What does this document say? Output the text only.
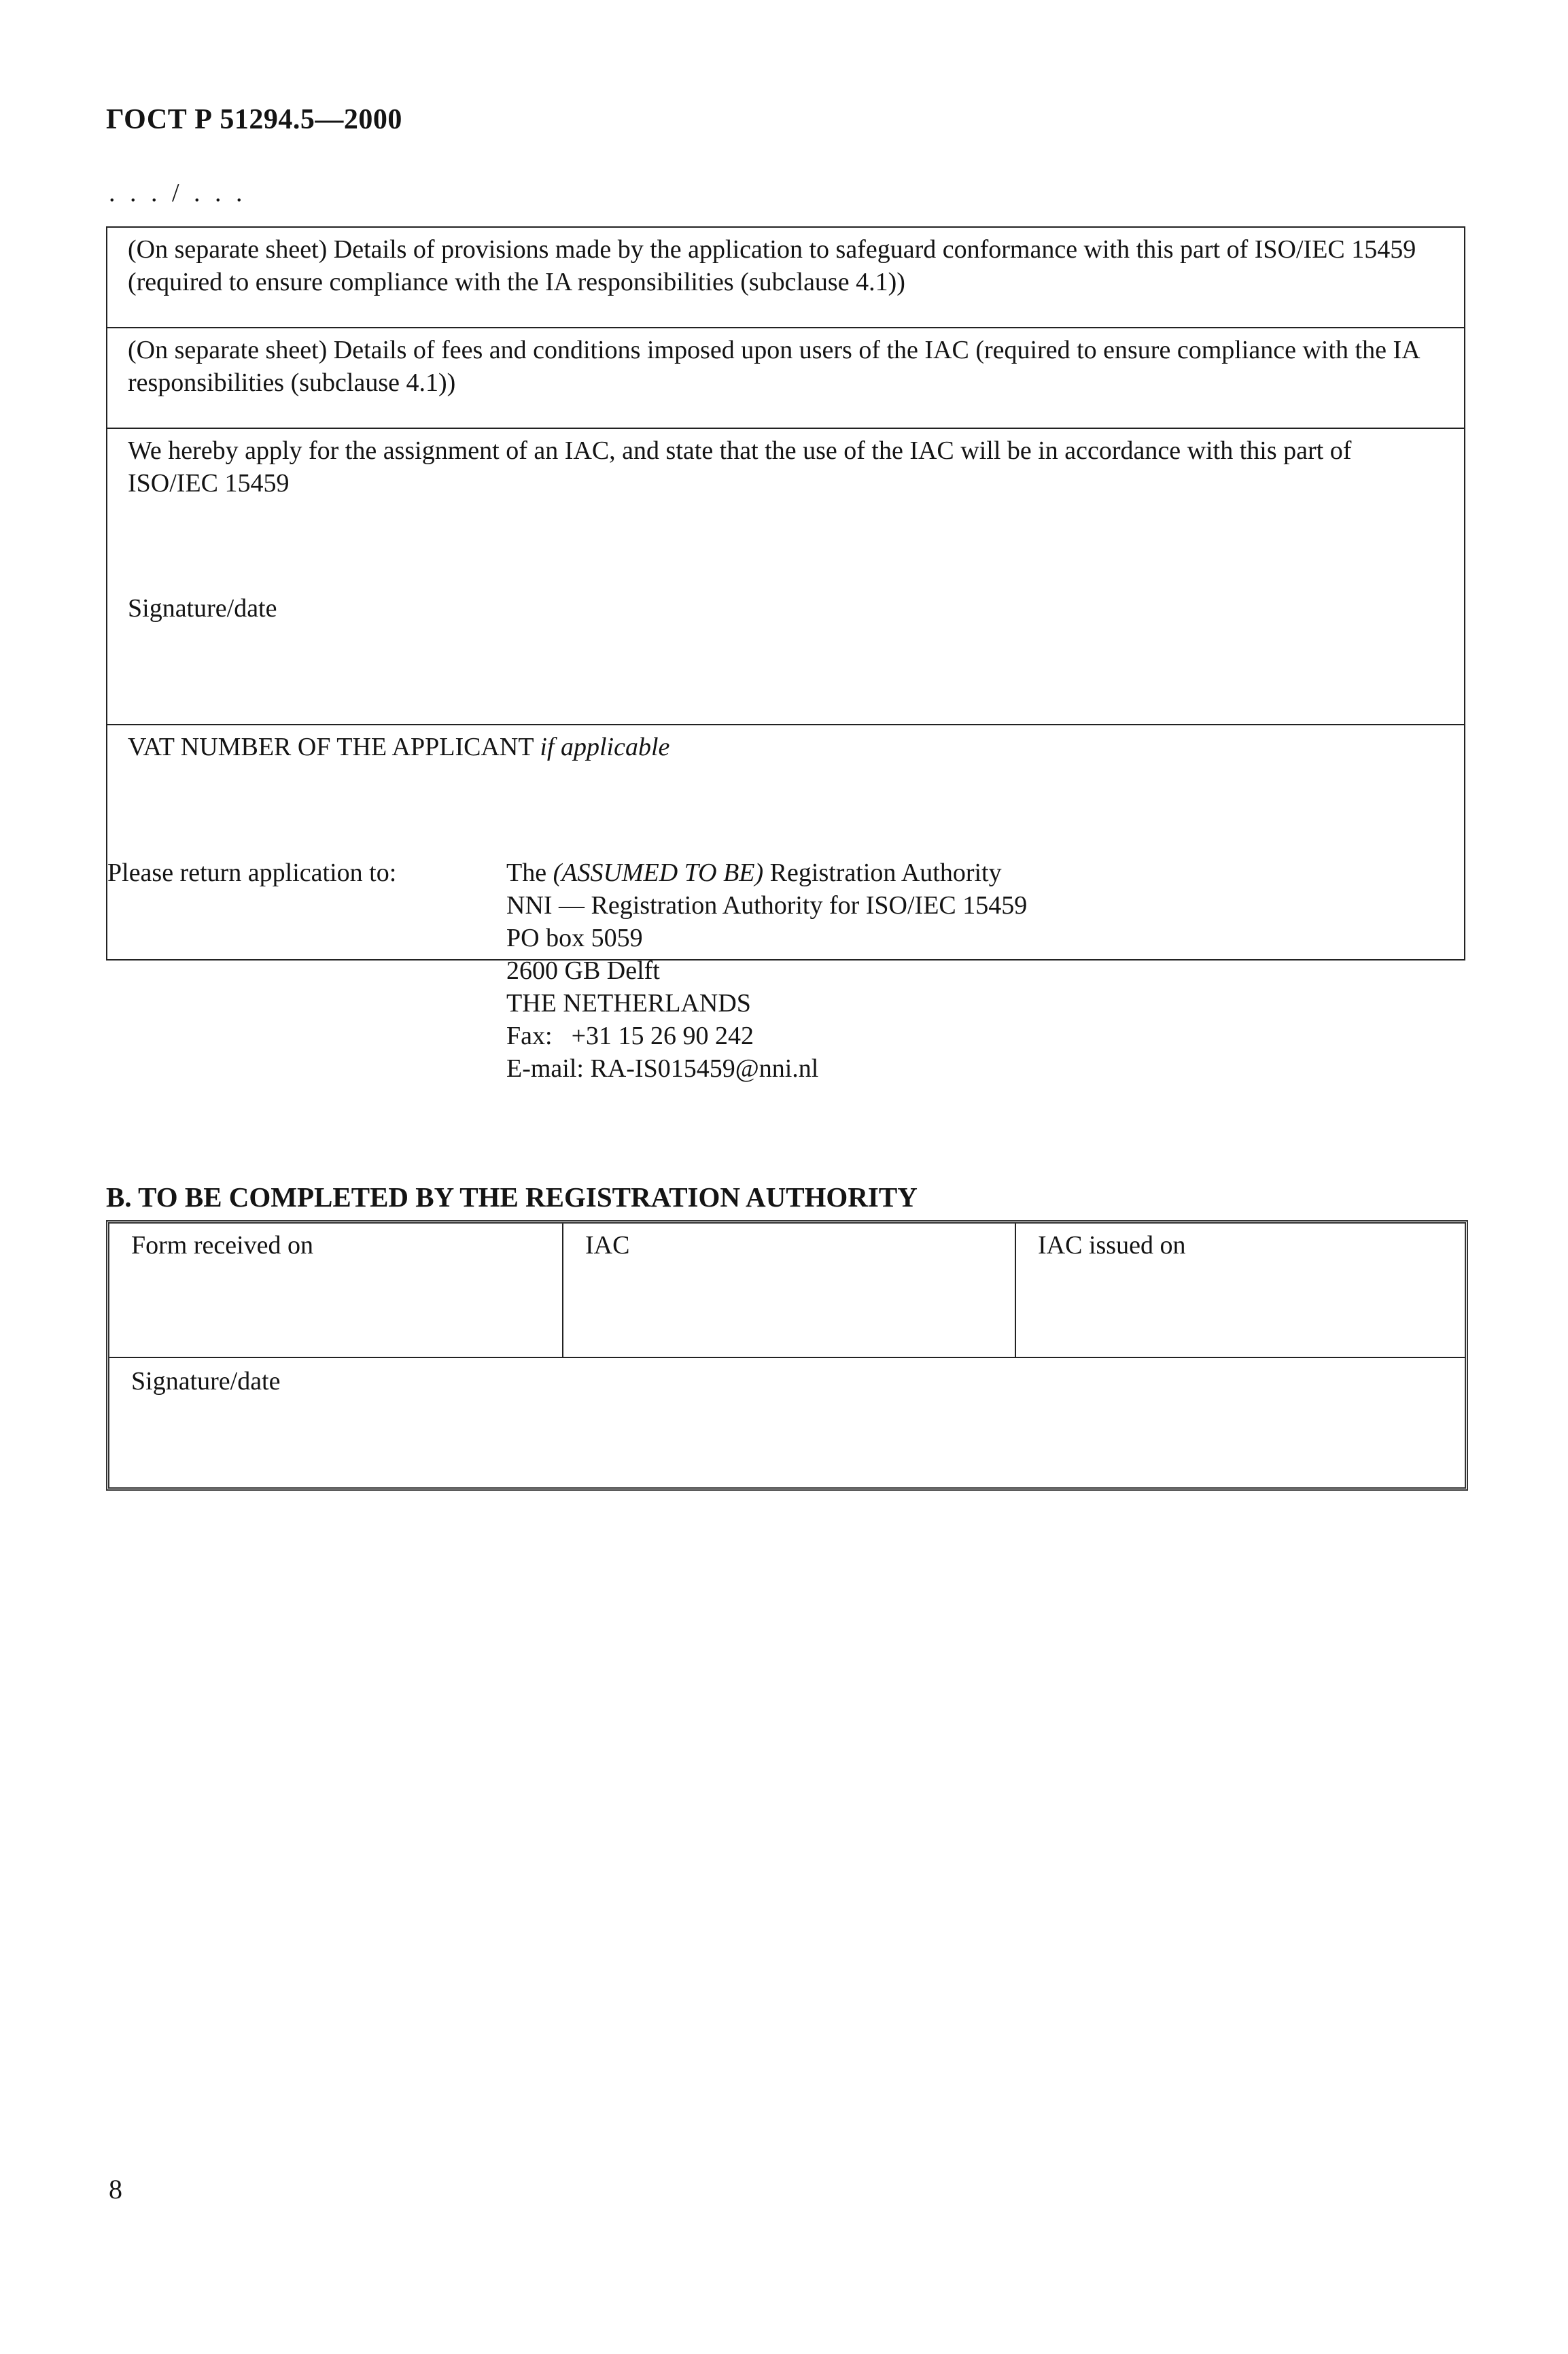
ГОСТ Р 51294.5—2000
. . . / . . .
(On separate sheet) Details of provisions made by the application to safeguard conformance with this part of ISO/IEC 15459 (required to ensure compliance with the IA responsibilities (subclause 4.1))
(On separate sheet) Details of fees and conditions imposed upon users of the IAC (required to ensure compliance with the IA responsibilities (subclause 4.1))
We hereby apply for the assignment of an IAC, and state that the use of the IAC will be in accordance with this part of ISO/IEC 15459
Signature/date
VAT NUMBER OF THE APPLICANT if applicable
Please return application to:	The (ASSUMED TO BE) Registration Authority
NNI — Registration Authority for ISO/IEC 15459
PO box 5059
2600 GB Delft
THE NETHERLANDS
Fax: +31 15 26 90 242
E-mail: RA-IS015459@nni.nl
B. TO BE COMPLETED BY THE REGISTRATION AUTHORITY
Form received on	IAC	IAC issued on
Signature/date
8
